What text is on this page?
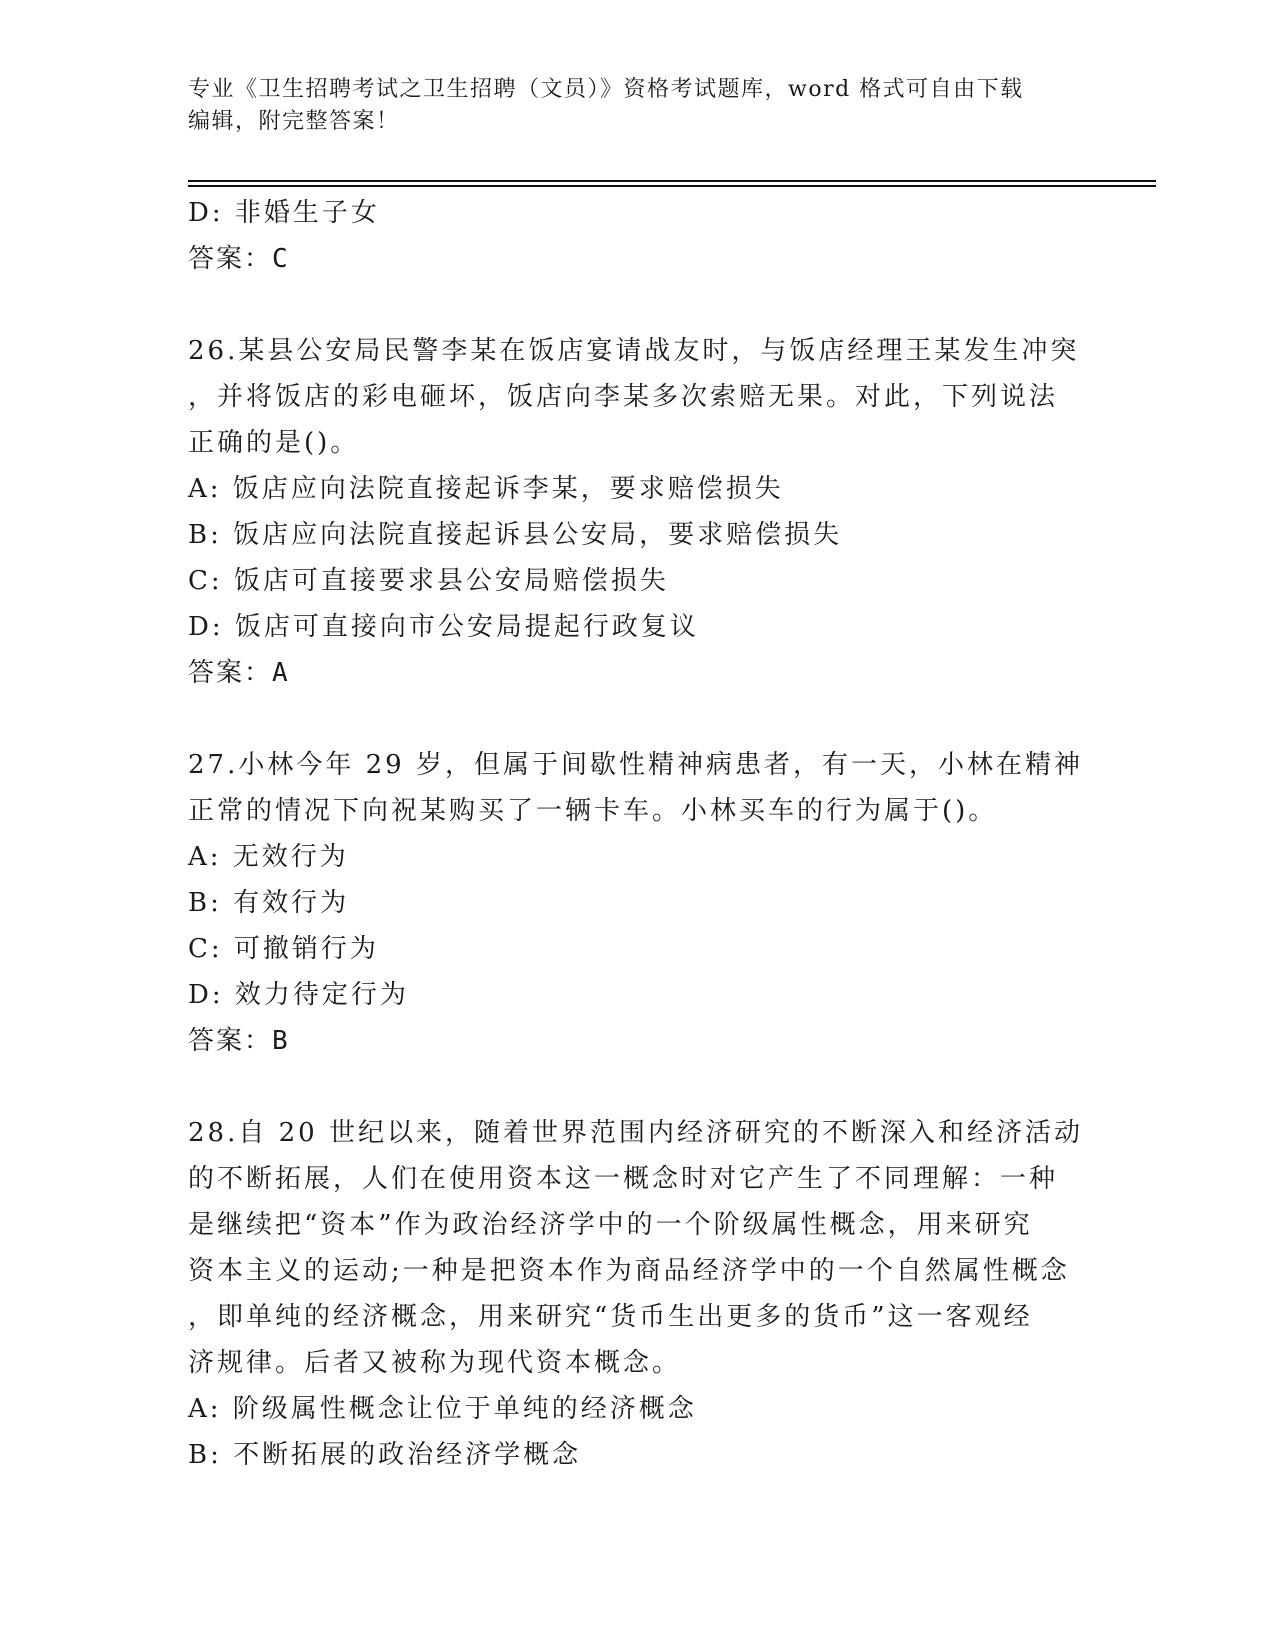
专业《卫生招聘考试之卫生招聘（文员）》资格考试题库，word 格式可自由下载
编辑，附完整答案！
D: 非婚生子女
答案：C
26.某县公安局民警李某在饭店宴请战友时，与饭店经理王某发生冲突
，并将饭店的彩电砸坏，饭店向李某多次索赔无果。对此，下列说法
正确的是()。
A: 饭店应向法院直接起诉李某，要求赔偿损失
B: 饭店应向法院直接起诉县公安局，要求赔偿损失
C: 饭店可直接要求县公安局赔偿损失
D: 饭店可直接向市公安局提起行政复议
答案：A
27.小林今年 29 岁，但属于间歇性精神病患者，有一天，小林在精神
正常的情况下向祝某购买了一辆卡车。小林买车的行为属于()。
A: 无效行为
B: 有效行为
C: 可撤销行为
D: 效力待定行为
答案：B
28.自 20 世纪以来，随着世界范围内经济研究的不断深入和经济活动
的不断拓展，人们在使用资本这一概念时对它产生了不同理解：一种
是继续把“资本”作为政治经济学中的一个阶级属性概念，用来研究
资本主义的运动;一种是把资本作为商品经济学中的一个自然属性概念
，即单纯的经济概念，用来研究“货币生出更多的货币”这一客观经
济规律。后者又被称为现代资本概念。
A: 阶级属性概念让位于单纯的经济概念
B: 不断拓展的政治经济学概念
